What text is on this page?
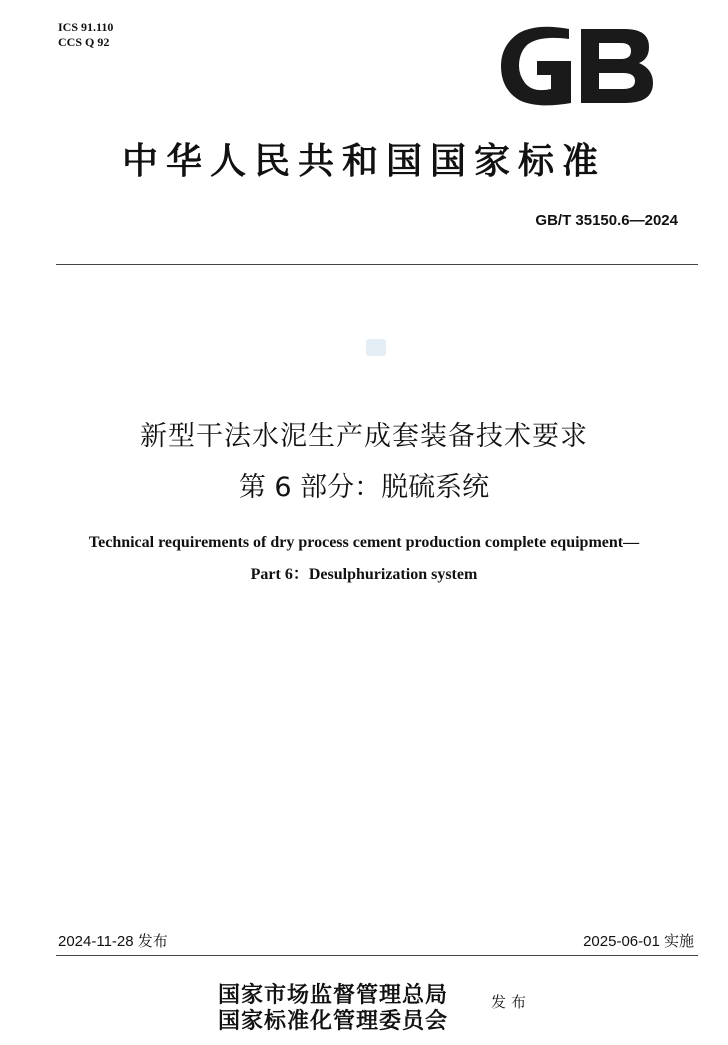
ICS 91.110
CCS Q 92
中华人民共和国国家标准
GB/T 35150.6—2024
新型干法水泥生产成套装备技术要求
第 6 部分：脱硫系统
Technical requirements of dry process cement production complete equipment—
Part 6：Desulphurization system
2024-11-28 发布	2025-06-01 实施
国家市场监督管理总局
国家标准化管理委员会
发布
